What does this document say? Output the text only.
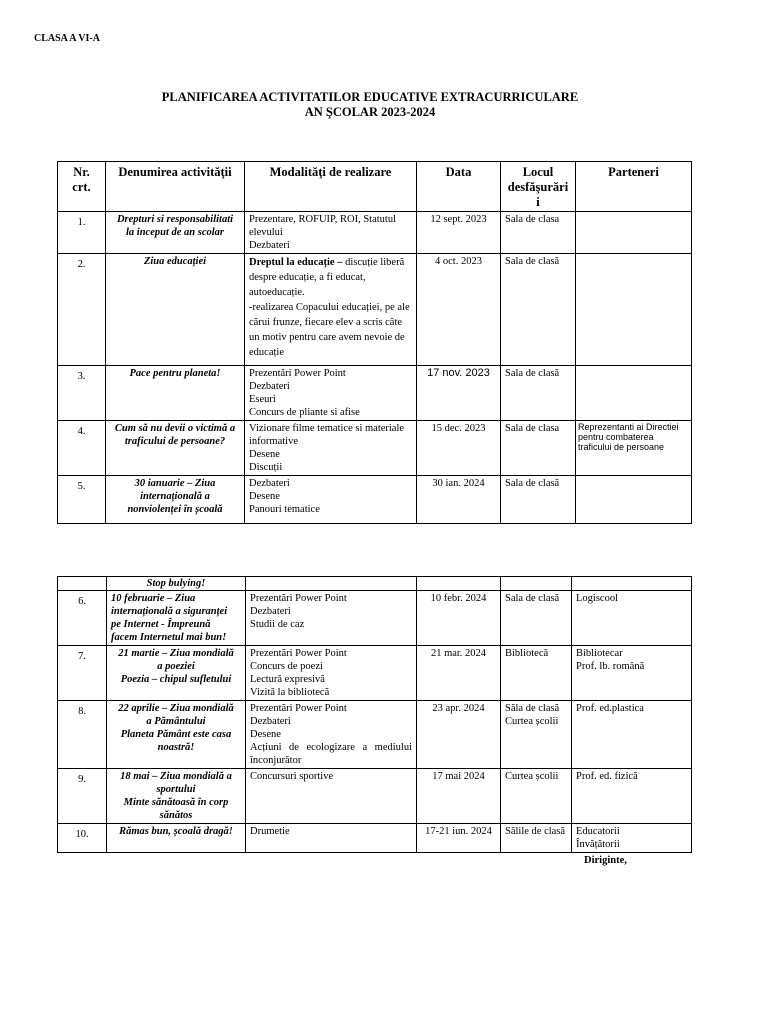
CLASA A VI-A
PLANIFICAREA ACTIVITATILOR EDUCATIVE EXTRACURRICULARE
AN ŞCOLAR 2023-2024
Nr.
crt.	Denumirea activităţii	Modalităţi de realizare	Data	Locul
desfăşurări
i	Parteneri
1.	Drepturi si responsabilitati
la inceput de an scolar	Prezentare, ROFUIP, ROI, Statutul
elevului
Dezbateri	12 sept. 2023	Sala de clasa	
2.	Ziua educației	Dreptul la educație – discuție liberă despre educație, a fi educat, autoeducație.
-realizarea Copacului educației, pe ale cărui frunze, fiecare elev a scris câte un motiv pentru care avem nevoie de educație	4 oct. 2023	Sala de clasă	
3.	Pace pentru planeta!	Prezentări Power Point
Dezbateri
Eseuri
Concurs de pliante si afise	17 nov. 2023	Sala de clasă	
4.	Cum să nu devii o victimă a
traficului de persoane?	Vizionare filme tematice si materiale
informative
Desene
Discuții	15 dec. 2023	Sala de clasa	Reprezentanti ai Directiei
pentru combaterea
traficului de persoane

5.	30 ianuarie – Ziua
internațională a
nonviolenței în școală	Dezbateri
Desene
Panouri tematice	30 ian. 2024	Sala de clasă	
	Stop bulying!				
6.	10 februarie – Ziua
internațională a siguranței
pe Internet - Împreună
facem Internetul mai bun!	Prezentări Power Point
Dezbateri
Studii de caz	10 febr. 2024	Sala de clasă	Logiscool
7.	21 martie – Ziua mondială
a poeziei
Poezia – chipul sufletului	Prezentări Power Point
Concurs de poezi
Lectură expresivă
Vizită la bibliotecă	21 mar. 2024	Bibliotecă	Bibliotecar
Prof. lb. română

8.	22 aprilie – Ziua mondială
a Pământului
Planeta Pământ este casa
noastră!	Prezentări Power Point
Dezbateri
Desene
Acțiuni de ecologizare a mediului înconjurător	23 apr. 2024	Săla de clasă
Curtea școlii	Prof. ed.plastica
9.	18 mai – Ziua mondială a
sportului
Minte sănătoasă în corp
sănătos	Concursuri sportive	17 mai 2024	Curtea școlii	Prof. ed. fizică
10.	Rămas bun, școală dragă!	Drumetie	17-21 iun. 2024	Sălile de clasă	Educatorii
Învățătorii
Diriginte,
